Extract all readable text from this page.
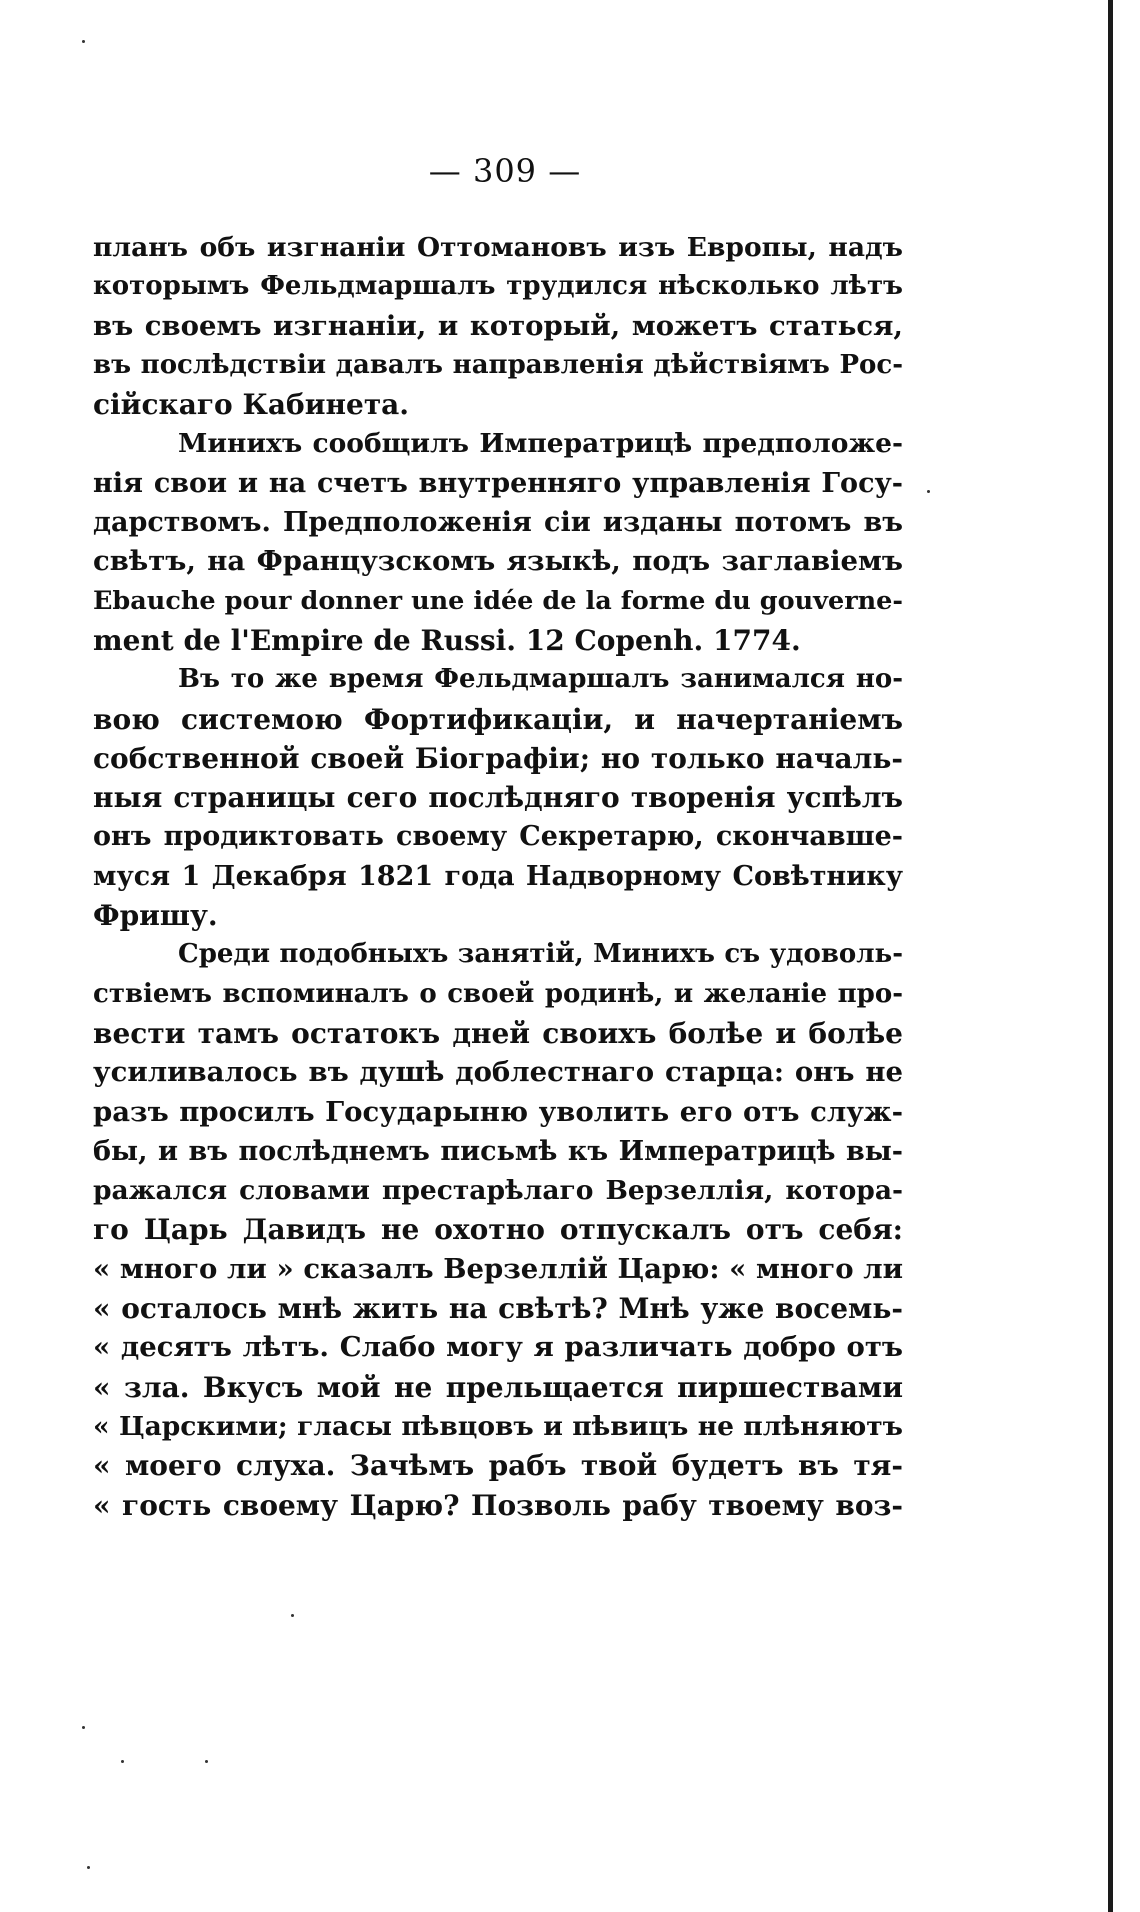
— 309 —

планъ объ изгнаніи Оттомановъ изъ Европы, надъ
которымъ Фельдмаршалъ трудился нѣсколько лѣтъ
въ своемъ изгнаніи, и который, можетъ статься,
въ послѣдствіи давалъ направленія дѣйствіямъ Рос-
сійскаго Кабинета.

Минихъ сообщилъ Императрицѣ предположе-
нія свои и на счетъ внутренняго управленія Госу-
дарствомъ. Предположенія сіи изданы потомъ въ
свѣтъ, на Французскомъ языкѣ, подъ заглавіемъ
Ebauche pour donner une idée de la forme du gouverne-
ment de l'Empire de Russi. 12 Copenh. 1774.

Въ то же время Фельдмаршалъ занимался но-
вою системою Фортификаціи, и начертаніемъ
собственной своей Біографіи; но только началь-
ныя страницы сего послѣдняго творенія успѣлъ
онъ продиктовать своему Секретарю, скончавше-
муся 1 Декабря 1821 года Надворному Совѣтнику
Фришу.

Среди подобныхъ занятій, Минихъ съ удоволь-
ствіемъ вспоминалъ о своей родинѣ, и желаніе про-
вести тамъ остатокъ дней своихъ болѣе и болѣе
усиливалось въ душѣ доблестнаго старца: онъ не
разъ просилъ Государыню уволить его отъ служ-
бы, и въ послѣднемъ письмѣ къ Императрицѣ вы-
ражался словами престарѣлаго Верзеллія, котора-
го Царь Давидъ не охотно отпускалъ отъ себя:
« много ли » сказалъ Верзеллій Царю: « много ли
« осталось мнѣ жить на свѣтѣ? Мнѣ уже восемь-
« десятъ лѣтъ. Слабо могу я различать добро отъ
« зла. Вкусъ мой не прельщается пиршествами
« Царскими; гласы пѣвцовъ и пѣвицъ не плѣняютъ
« моего слуха. Зачѣмъ рабъ твой будетъ въ тя-
« гость своему Царю? Позволь рабу твоему воз-
